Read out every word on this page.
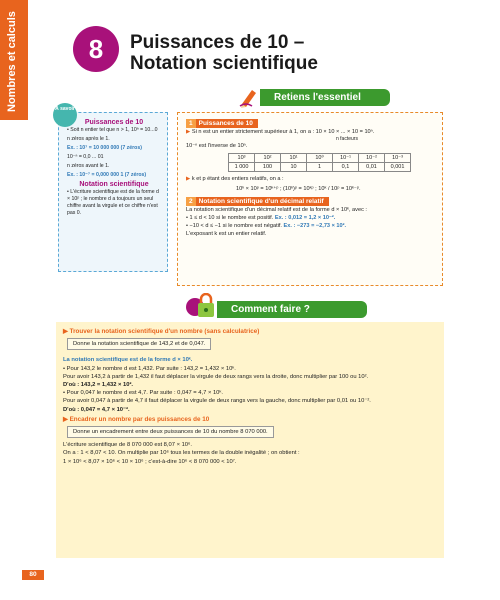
Nombres et calculs	8	Puissances de 10 –
Notation scientifique
À savoir
Puissances de 10

• Soit n entier tel que n > 1, 10ⁿ = 10...0

n zéros après le 1.

Ex. : 10⁷ = 10 000 000 (7 zéros)

10⁻ⁿ = 0,0 ... 01

n zéros avant le 1.

Ex. : 10⁻⁷ = 0,000 000 1 (7 zéros)

Notation scientifique

• L'écriture scientifique est de la forme d × 10ᵖ ; le nombre d a toujours un seul chiffre avant la virgule et ce chiffre n'est pas 0.

Retiens l'essentiel
1 Puissances de 10
▶ Si n est un entier strictement supérieur à 1, on a : 10 × 10 × ... × 10 = 10ⁿ.
n facteurs
10⁻ⁿ est l'inverse de 10ⁿ.
10³	10²	10¹	10⁰	10⁻¹	10⁻²	10⁻³
1 000	100	10	1	0,1	0,01	0,001
▶ k et p étant des entiers relatifs, on a :
10ᵏ × 10ᵖ = 10ᵏ⁺ᵖ ; (10ᵏ)ᵖ = 10ᵏᵖ ; 10ᵏ / 10ᵖ = 10ᵏ⁻ᵖ.
2 Notation scientifique d'un décimal relatif
La notation scientifique d'un décimal relatif est de la forme d × 10ᵏ, avec :
• 1 ≤ d < 10 si le nombre est positif. Ex. : 0,012 = 1,2 × 10⁻².
• −10 < d ≤ −1 si le nombre est négatif. Ex. : −273 = −2,73 × 10².
L'exposant k est un entier relatif.
Comment faire ?
▶ Trouver la notation scientifique d'un nombre (sans calculatrice)
Donne la notation scientifique de 143,2 et de 0,047.
La notation scientifique est de la forme d × 10ᵏ.
• Pour 143,2 le nombre d est 1,432. Par suite : 143,2 = 1,432 × 10ᵏ.
Pour avoir 143,2 à partir de 1,432 il faut déplacer la virgule de deux rangs vers la droite, donc multiplier par 100 ou 10².
D'où : 143,2 = 1,432 × 10².
• Pour 0,047 le nombre d est 4,7. Par suite : 0,047 = 4,7 × 10ᵏ.
Pour avoir 0,047 à partir de 4,7 il faut déplacer la virgule de deux rangs vers la gauche, donc multiplier par 0,01 ou 10⁻².
D'où : 0,047 = 4,7 × 10⁻².
▶ Encadrer un nombre par des puissances de 10
Donne un encadrement entre deux puissances de 10 du nombre 8 070 000.
L'écriture scientifique de 8 070 000 est 8,07 × 10⁶.
On a : 1 < 8,07 < 10. On multiplie par 10⁶ tous les termes de la double inégalité ; on obtient :
1 × 10⁶ < 8,07 × 10⁶ < 10 × 10⁶ ; c'est-à-dire 10⁶ < 8 070 000 < 10⁷.
80
